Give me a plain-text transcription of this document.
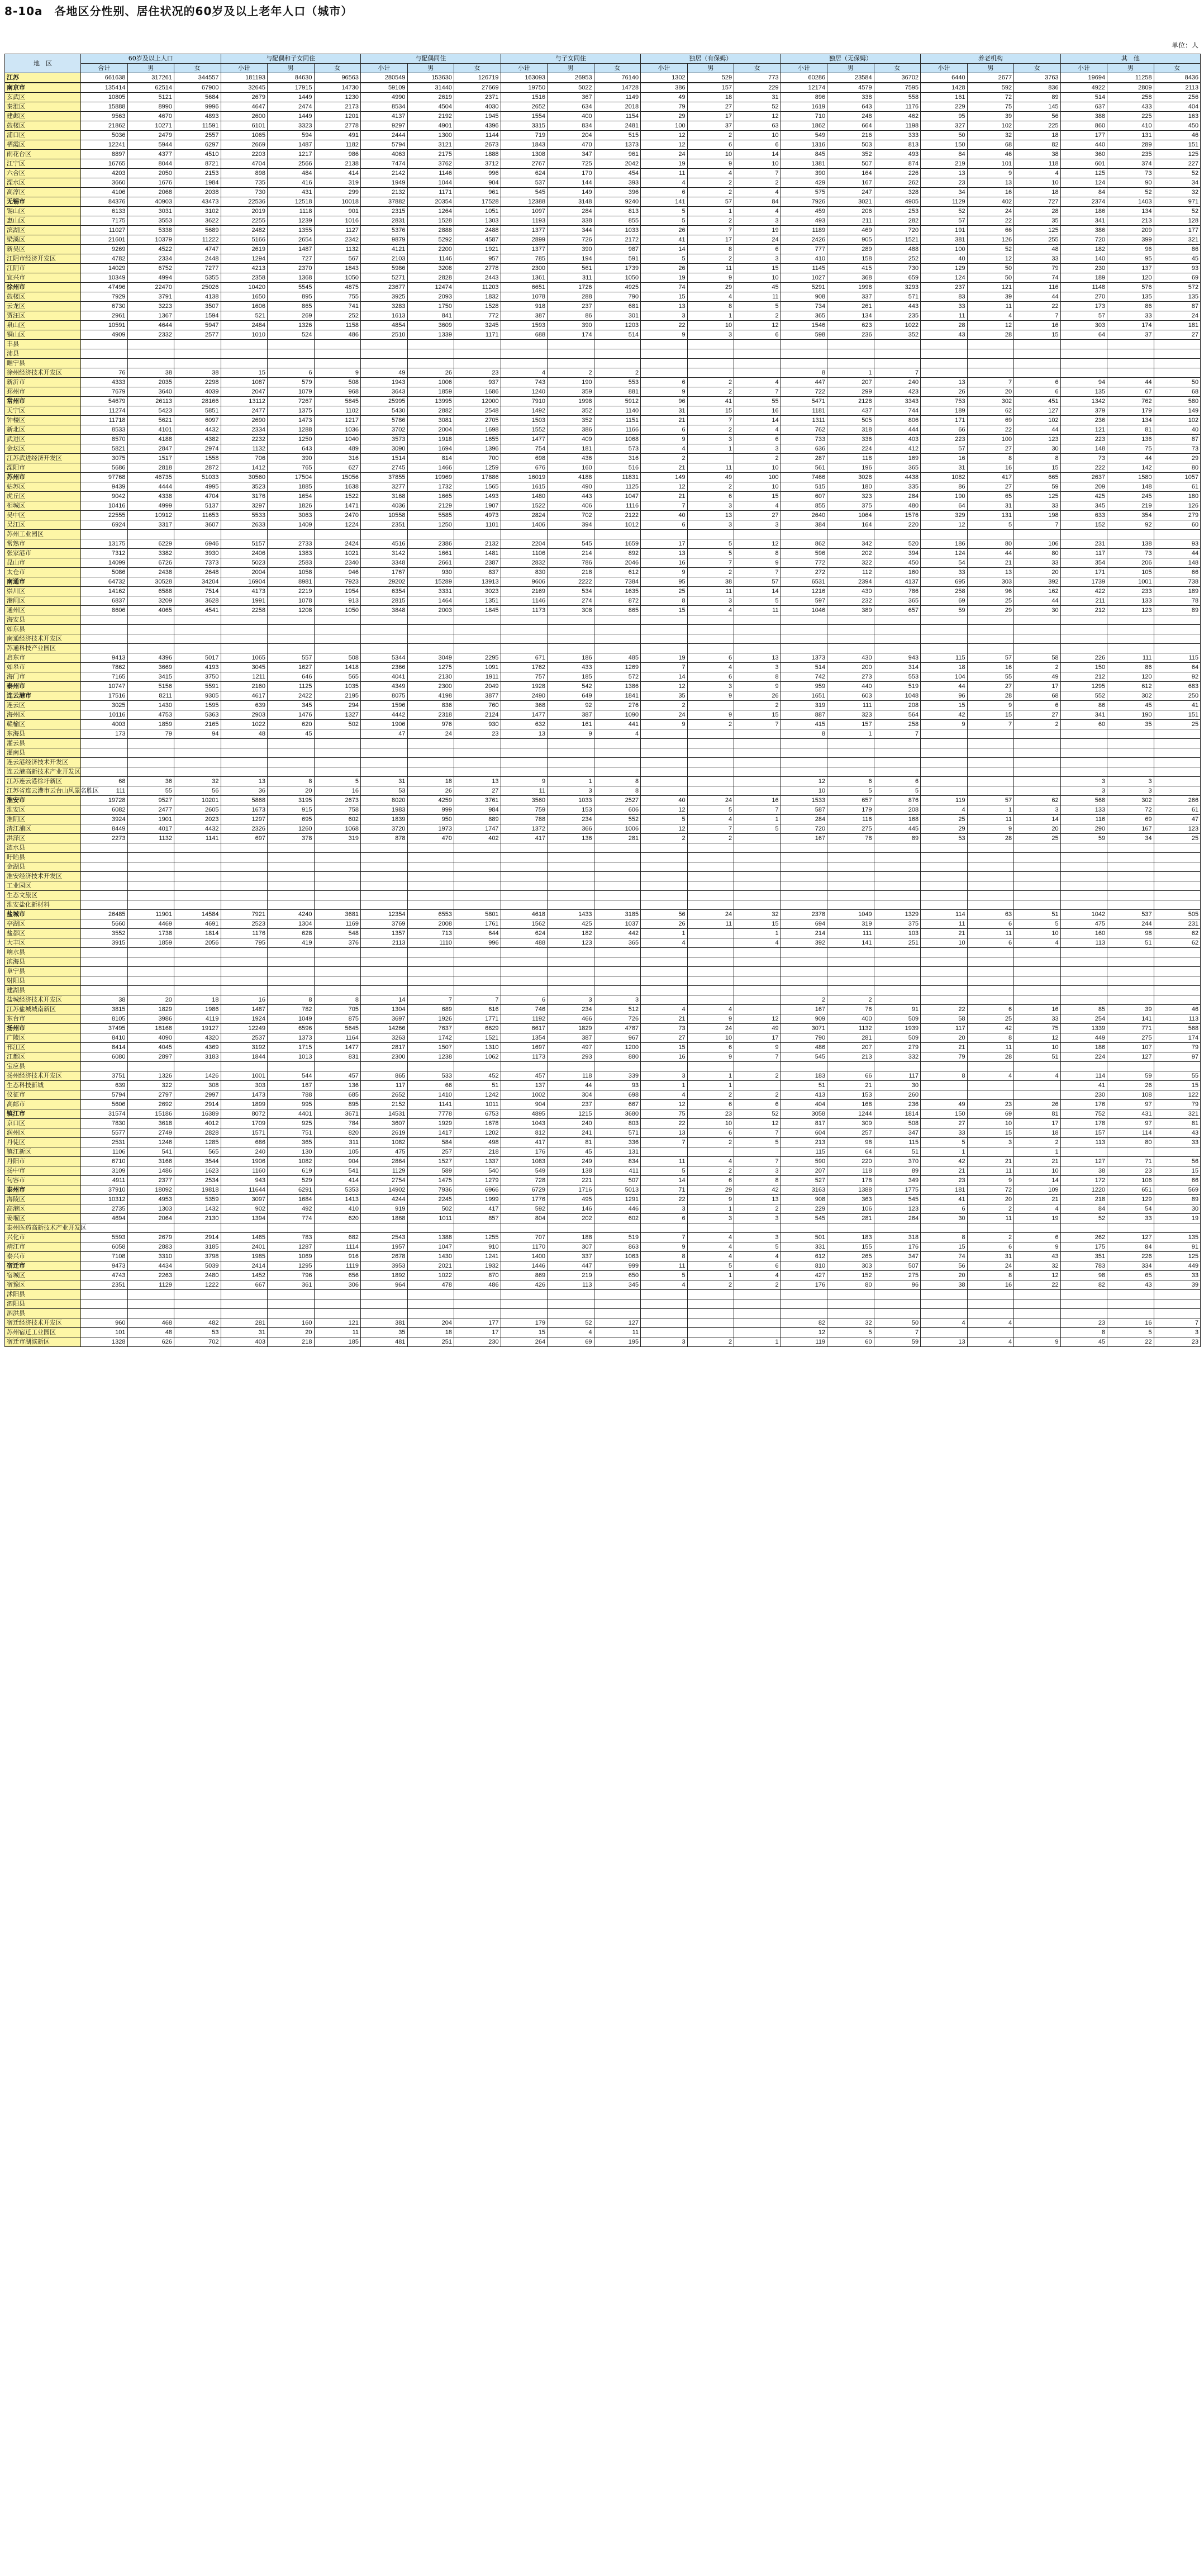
8-10a　各地区分性别、居住状况的60岁及以上老年人口（城市）
单位：人
地　区	60岁及以上人口			与配偶和子女同住			与配偶同住			与子女同住			独居（有保姆）			独居（无保姆）			养老机构			其　他		
	合计	男	女	小计	男	女	小计	男	女	小计	男	女	小计	男	女	小计	男	女	小计	男	女	小计	男	女
江苏	661638	317261	344557	181193	84630	96563	280549	153630	126719	163093	26953	76140	1302	529	773	60286	23584	36702	6440	2677	3763	19694	11258	8436
南京市	135414	62514	67900	32645	17915	14730	59109	31440	27669	19750	5022	14728	386	157	229	12174	4579	7595	1428	592	836	4922	2809	2113
玄武区	10805	5121	5684	2679	1449	1230	4990	2619	2371	1516	367	1149	49	18	31	896	338	558	161	72	89	514	258	256
秦淮区	15888	8990	9996	4647	2474	2173	8534	4504	4030	2652	634	2018	79	27	52	1619	643	1176	229	75	145	637	433	404
建邺区	9563	4670	4893	2600	1449	1201	4137	2192	1945	1554	400	1154	29	17	12	710	248	462	95	39	56	388	225	163
鼓楼区	21862	10271	11591	6101	3323	2778	9297	4901	4396	3315	834	2481	100	37	63	1862	664	1198	327	102	225	860	410	450
浦口区	5036	2479	2557	1065	594	491	2444	1300	1144	719	204	515	12	2	10	549	216	333	50	32	18	177	131	46
栖霞区	12241	5944	6297	2669	1487	1182	5794	3121	2673	1843	470	1373	12	6	6	1316	503	813	150	68	82	440	289	151
雨花台区	8897	4377	4510	2203	1217	986	4063	2175	1888	1308	347	961	24	10	14	845	352	493	84	46	38	360	235	125
江宁区	16765	8044	8721	4704	2566	2138	7474	3762	3712	2767	725	2042	19	9	10	1381	507	874	219	101	118	601	374	227
六合区	4203	2050	2153	898	484	414	2142	1146	996	624	170	454	11	4	7	390	164	226	13	9	4	125	73	52
溧水区	3660	1676	1984	735	416	319	1949	1044	904	537	144	393	4	2	2	429	167	262	23	13	10	124	90	34
高淳区	4106	2068	2038	730	431	299	2132	1171	961	545	149	396	6	2	4	575	247	328	34	16	18	84	52	32
无锡市	84376	40903	43473	22536	12518	10018	37882	20354	17528	12388	3148	9240	141	57	84	7926	3021	4905	1129	402	727	2374	1403	971
锡山区	6133	3031	3102	2019	1118	901	2315	1264	1051	1097	284	813	5	1	4	459	206	253	52	24	28	186	134	52
惠山区	7175	3553	3622	2255	1239	1016	2831	1528	1303	1193	338	855	5	2	3	493	211	282	57	22	35	341	213	128
滨湖区	11027	5338	5689	2482	1355	1127	5376	2888	2488	1377	344	1033	26	7	19	1189	469	720	191	66	125	386	209	177
梁溪区	21601	10379	11222	5166	2654	2342	9879	5292	4587	2899	726	2172	41	17	24	2426	905	1521	381	126	255	720	399	321
新吴区	9269	4522	4747	2619	1487	1132	4121	2200	1921	1377	390	987	14	8	6	777	289	488	100	52	48	182	96	86
江阴市经济开发区	4782	2334	2448	1294	727	567	2103	1146	957	785	194	591	5	2	3	410	158	252	40	12	33	140	95	45
江阴市	14029	6752	7277	4213	2370	1843	5986	3208	2778	2300	561	1739	26	11	15	1145	415	730	129	50	79	230	137	93
宜兴市	10349	4994	5355	2358	1368	1050	5271	2828	2443	1361	311	1050	19	9	10	1027	368	659	124	50	74	189	120	69
徐州市	47496	22470	25026	10420	5545	4875	23677	12474	11203	6651	1726	4925	74	29	45	5291	1998	3293	237	121	116	1148	576	572
鼓楼区	7929	3791	4138	1650	895	755	3925	2093	1832	1078	288	790	15	4	11	908	337	571	83	39	44	270	135	135
云龙区	6730	3223	3507	1606	865	741	3283	1750	1528	918	237	681	13	8	5	734	261	443	33	11	22	173	86	87
贾汪区	2961	1367	1594	521	269	252	1613	841	772	387	86	301	3	1	2	365	134	235	11	4	7	57	33	24
泉山区	10591	4644	5947	2484	1326	1158	4854	3609	3245	1593	390	1203	22	10	12	1546	623	1022	28	12	16	303	174	181
铜山区	4909	2332	2577	1010	524	486	2510	1339	1171	688	174	514	9	3	6	598	236	352	43	28	15	64	37	27
丰县																								
沛县																								
睢宁县																								
徐州经济技术开发区	76	38	38	15	6	9	49	26	23	4	2	2				8	1	7						
新沂市	4333	2035	2298	1087	579	508	1943	1006	937	743	190	553	6	2	4	447	207	240	13	7	6	94	44	50
邳州市	7679	3640	4039	2047	1079	968	3643	1859	1686	1240	359	881	9	2	7	722	299	423	26	20	6	135	67	68
常州市	54679	26113	28166	13112	7267	5845	25995	13995	12000	7910	1998	5912	96	41	55	5471	2128	3343	753	302	451	1342	762	580
天宁区	11274	5423	5851	2477	1375	1102	5430	2882	2548	1492	352	1140	31	15	16	1181	437	744	189	62	127	379	179	149
钟楼区	11718	5621	6097	2690	1473	1217	5786	3081	2705	1503	352	1151	21	7	14	1311	505	806	171	69	102	236	134	102
新北区	8533	4101	4432	2334	1288	1036	3702	2004	1698	1552	386	1166	6	2	4	762	318	444	66	22	44	121	81	40
武进区	8570	4188	4382	2232	1250	1040	3573	1918	1655	1477	409	1068	9	3	6	733	336	403	223	100	123	223	136	87
金坛区	5821	2847	2974	1132	643	489	3090	1694	1396	754	181	573	4	1	3	636	224	412	57	27	30	148	75	73
江苏武进经济开发区	3075	1517	1558	706	390	316	1514	814	700	698	436	316	2		2	287	118	169	16	8	8	73	44	29
溧阳市	5686	2818	2872	1412	765	627	2745	1466	1259	676	160	516	21	11	10	561	196	365	31	16	15	222	142	80
苏州市	97768	46735	51033	30560	17504	15056	37855	19969	17886	16019	4188	11831	149	49	100	7466	3028	4438	1082	417	665	2637	1580	1057
姑苏区	9439	4444	4995	3523	1885	1638	3277	1732	1565	1615	490	1125	12	2	10	515	180	335	86	27	59	209	148	61
虎丘区	9042	4338	4704	3176	1654	1522	3168	1665	1493	1480	443	1047	21	6	15	607	323	284	190	65	125	425	245	180
相城区	10416	4999	5137	3297	1826	1471	4036	2129	1907	1522	406	1116	7	3	4	855	375	480	64	31	33	345	219	126
吴中区	22555	10912	11653	5533	3063	2470	10558	5585	4973	2824	702	2122	40	13	27	2640	1064	1576	329	131	198	633	354	279
吴江区	6924	3317	3607	2633	1409	1224	2351	1250	1101	1406	394	1012	6	3	3	384	164	220	12	5	7	152	92	60
苏州工业园区																								
常熟市	13175	6229	6946	5157	2733	2424	4516	2386	2132	2204	545	1659	17	5	12	862	342	520	186	80	106	231	138	93
张家港市	7312	3382	3930	2406	1383	1021	3142	1661	1481	1106	214	892	13	5	8	596	202	394	124	44	80	117	73	44
昆山市	14099	6726	7373	5023	2583	2340	3348	2661	2387	2832	786	2046	16	7	9	772	322	450	54	21	33	354	206	148
太仓市	5086	2438	2648	2004	1058	946	1767	930	837	830	218	612	9	2	7	272	112	160	33	13	20	171	105	66
南通市	64732	30528	34204	16904	8981	7923	29202	15289	13913	9606	2222	7384	95	38	57	6531	2394	4137	695	303	392	1739	1001	738
崇川区	14162	6588	7514	4173	2219	1954	6354	3331	3023	2169	534	1635	25	11	14	1216	430	786	258	96	162	422	233	189
港闸区	6837	3209	3628	1991	1078	913	2815	1464	1351	1146	274	872	8	3	5	597	232	365	69	25	44	211	133	78
通州区	8606	4065	4541	2258	1208	1050	3848	2003	1845	1173	308	865	15	4	11	1046	389	657	59	29	30	212	123	89
海安县																								
如东县																								
南通经济技术开发区																								
苏通科技产业园区																								
启东市	9413	4396	5017	1065	557	508	5344	3049	2295	671	186	485	19	6	13	1373	430	943	115	57	58	226	111	115
如皋市	7862	3669	4193	3045	1627	1418	2366	1275	1091	1762	433	1269	7	4	3	514	200	314	18	16	2	150	86	64
海门市	7165	3415	3750	1211	646	565	4041	2130	1911	757	185	572	14	6	8	742	273	553	104	55	49	212	120	92
泰州市	10747	5156	5591	2160	1125	1035	4349	2300	2049	1928	542	1386	12	3	9	959	440	519	44	27	17	1295	612	683
连云港市	17516	8211	9305	4617	2422	2195	8075	4198	3877	2490	649	1841	35	9	26	1651	603	1048	96	28	68	552	302	250
连云区	3025	1430	1595	639	345	294	1596	836	760	368	92	276	2		2	319	111	208	15	9	6	86	45	41
海州区	10116	4753	5363	2903	1476	1327	4442	2318	2124	1477	387	1090	24	9	15	887	323	564	42	15	27	341	190	151
赣榆区	4003	1859	2165	1022	620	502	1906	976	930	632	161	441	9	2	7	415	157	258	9	7	2	60	35	25
东海县	173	79	94	48	45		47	24	23	13	9	4				8	1	7						
灌云县																								
灌南县																								
连云港经济技术开发区																								
连云港高新技术产业开发区																								
江苏连云港徐圩新区	68	36	32	13	8	5	31	18	13	9	1	8				12	6	6				3	3	
江苏省连云港市云台山风景名胜区	111	55	56	36	20	16	53	26	27	11	3	8				10	5	5				3	3	
淮安市	19728	9527	10201	5868	3195	2673	8020	4259	3761	3560	1033	2527	40	24	16	1533	657	876	119	57	62	568	302	266
淮安区	6082	2477	2605	1673	915	758	1983	999	984	759	153	606	12	5	7	587	179	208	4	1	3	133	72	61
淮阴区	3924	1901	2023	1297	695	602	1839	950	889	788	234	552	5	4	1	284	116	168	25	11	14	116	69	47
清江浦区	8449	4017	4432	2326	1260	1068	3720	1973	1747	1372	366	1006	12	7	5	720	275	445	29	9	20	290	167	123
洪泽区	2273	1132	1141	697	378	319	878	470	402	417	136	281	2	2		167	78	89	53	28	25	59	34	25
涟水县																								
盱眙县																								
金湖县																								
淮安经济技术开发区																								
工业园区																								
生态文旅区																								
淮安盐化新材料																								
盐城市	26485	11901	14584	7921	4240	3681	12354	6553	5801	4618	1433	3185	56	24	32	2378	1049	1329	114	63	51	1042	537	505
亭湖区	5660	4469	4691	2523	1304	1169	3769	2008	1761	1562	425	1037	26	11	15	694	319	375	11	6	5	475	244	231
盐都区	3552	1738	1814	1176	628	548	1357	713	644	624	182	442	1		1	214	111	103	21	11	10	160	98	62
大丰区	3915	1859	2056	795	419	376	2113	1110	996	488	123	365	4		4	392	141	251	10	6	4	113	51	62
响水县																								
滨海县																								
阜宁县																								
射阳县																								
建湖县																								
盐城经济技术开发区	38	20	18	16	8	8	14	7	7	6	3	3				2	2							
江苏盐城城南新区	3815	1829	1986	1487	782	705	1304	689	616	746	234	512	4	4		167	76	91	22	6	16	85	39	46
东台市	8105	3986	4119	1924	1049	875	3697	1926	1771	1192	466	726	21	9	12	909	400	509	58	25	33	254	141	113
扬州市	37495	18168	19127	12249	6596	5645	14266	7637	6629	6617	1829	4787	73	24	49	3071	1132	1939	117	42	75	1339	771	568
广陵区	8410	4090	4320	2537	1373	1164	3263	1742	1521	1354	387	967	27	10	17	790	281	509	20	8	12	449	275	174
邗江区	8414	4045	4369	3192	1715	1477	2817	1507	1310	1697	497	1200	15	6	9	486	207	279	21	11	10	186	107	79
江都区	6080	2897	3183	1844	1013	831	2300	1238	1062	1173	293	880	16	9	7	545	213	332	79	28	51	224	127	97
宝应县																								
扬州经济技术开发区	3751	1326	1426	1001	544	457	865	533	452	457	118	339	3	1	2	183	66	117	8	4	4	114	59	55
生态科技新城	639	322	308	303	167	136	117	66	51	137	44	93	1	1		51	21	30				41	26	15
仪征市	5794	2797	2997	1473	788	685	2652	1410	1242	1002	304	698	4	2	2	413	153	260				230	108	122
高邮市	5606	2692	2914	1899	995	895	2152	1141	1011	904	237	667	12	6	6	404	168	236	49	23	26	176	97	79
镇江市	31574	15186	16389	8072	4401	3671	14531	7778	6753	4895	1215	3680	75	23	52	3058	1244	1814	150	69	81	752	431	321
京口区	7830	3618	4012	1709	925	784	3607	1929	1678	1043	240	803	22	10	12	817	309	508	27	10	17	178	97	81
润州区	5577	2749	2828	1571	751	820	2619	1417	1202	812	241	571	13	6	7	604	257	347	33	15	18	157	114	43
丹徒区	2531	1246	1285	686	365	311	1082	584	498	417	81	336	7	2	5	213	98	115	5	3	2	113	80	33
镇江新区	1106	541	565	240	130	105	475	257	218	176	45	131				115	64	51	1		1			
丹阳市	6710	3166	3544	1906	1082	904	2864	1527	1337	1083	249	834	11	4	7	590	220	370	42	21	21	127	71	56
扬中市	3109	1486	1623	1160	619	541	1129	589	540	549	138	411	5	2	3	207	118	89	21	11	10	38	23	15
句容市	4911	2377	2534	943	529	414	2754	1475	1279	728	221	507	14	6	8	527	178	349	23	9	14	172	106	66
泰州市	37910	18092	19818	11644	6291	5353	14902	7936	6966	6729	1716	5013	71	29	42	3163	1388	1775	181	72	109	1220	651	569
海陵区	10312	4953	5359	3097	1684	1413	4244	2245	1999	1776	495	1291	22	9	13	908	363	545	41	20	21	218	129	89
高港区	2735	1303	1432	902	492	410	919	502	417	592	146	446	3	1	2	229	106	123	6	2	4	84	54	30
姜堰区	4694	2064	2130	1394	774	620	1868	1011	857	804	202	602	6	3	3	545	281	264	30	11	19	52	33	19
泰州医药高新技术产业开发区																								
兴化市	5593	2679	2914	1465	783	682	2543	1388	1255	707	188	519	7	4	3	501	183	318	8	2	6	262	127	135
靖江市	6058	2883	3185	2401	1287	1114	1957	1047	910	1170	307	863	9	4	5	331	155	176	15	6	9	175	84	91
泰兴市	7108	3310	3798	1985	1069	916	2678	1430	1241	1400	337	1063	8	4	4	612	265	347	74	31	43	351	226	125
宿迁市	9473	4434	5039	2414	1295	1119	3953	2021	1932	1446	447	999	11	5	6	810	303	507	56	24	32	783	334	449
宿城区	4743	2263	2480	1452	796	656	1892	1022	870	869	219	650	5	1	4	427	152	275	20	8	12	98	65	33
宿豫区	2351	1129	1222	667	361	306	964	478	486	426	113	345	4	2	2	176	80	96	38	16	22	82	43	39
沭阳县																								
泗阳县																								
泗洪县																								
宿迁经济技术开发区	960	468	482	281	160	121	381	204	177	179	52	127				82	32	50	4	4		23	16	7
苏州宿迁工业园区	101	48	53	31	20	11	35	18	17	15	4	11				12	5	7				8	5	3
宿迁市湖滨新区	1328	626	702	403	218	185	481	251	230	264	69	195	3	2	1	119	60	59	13	4	9	45	22	23
